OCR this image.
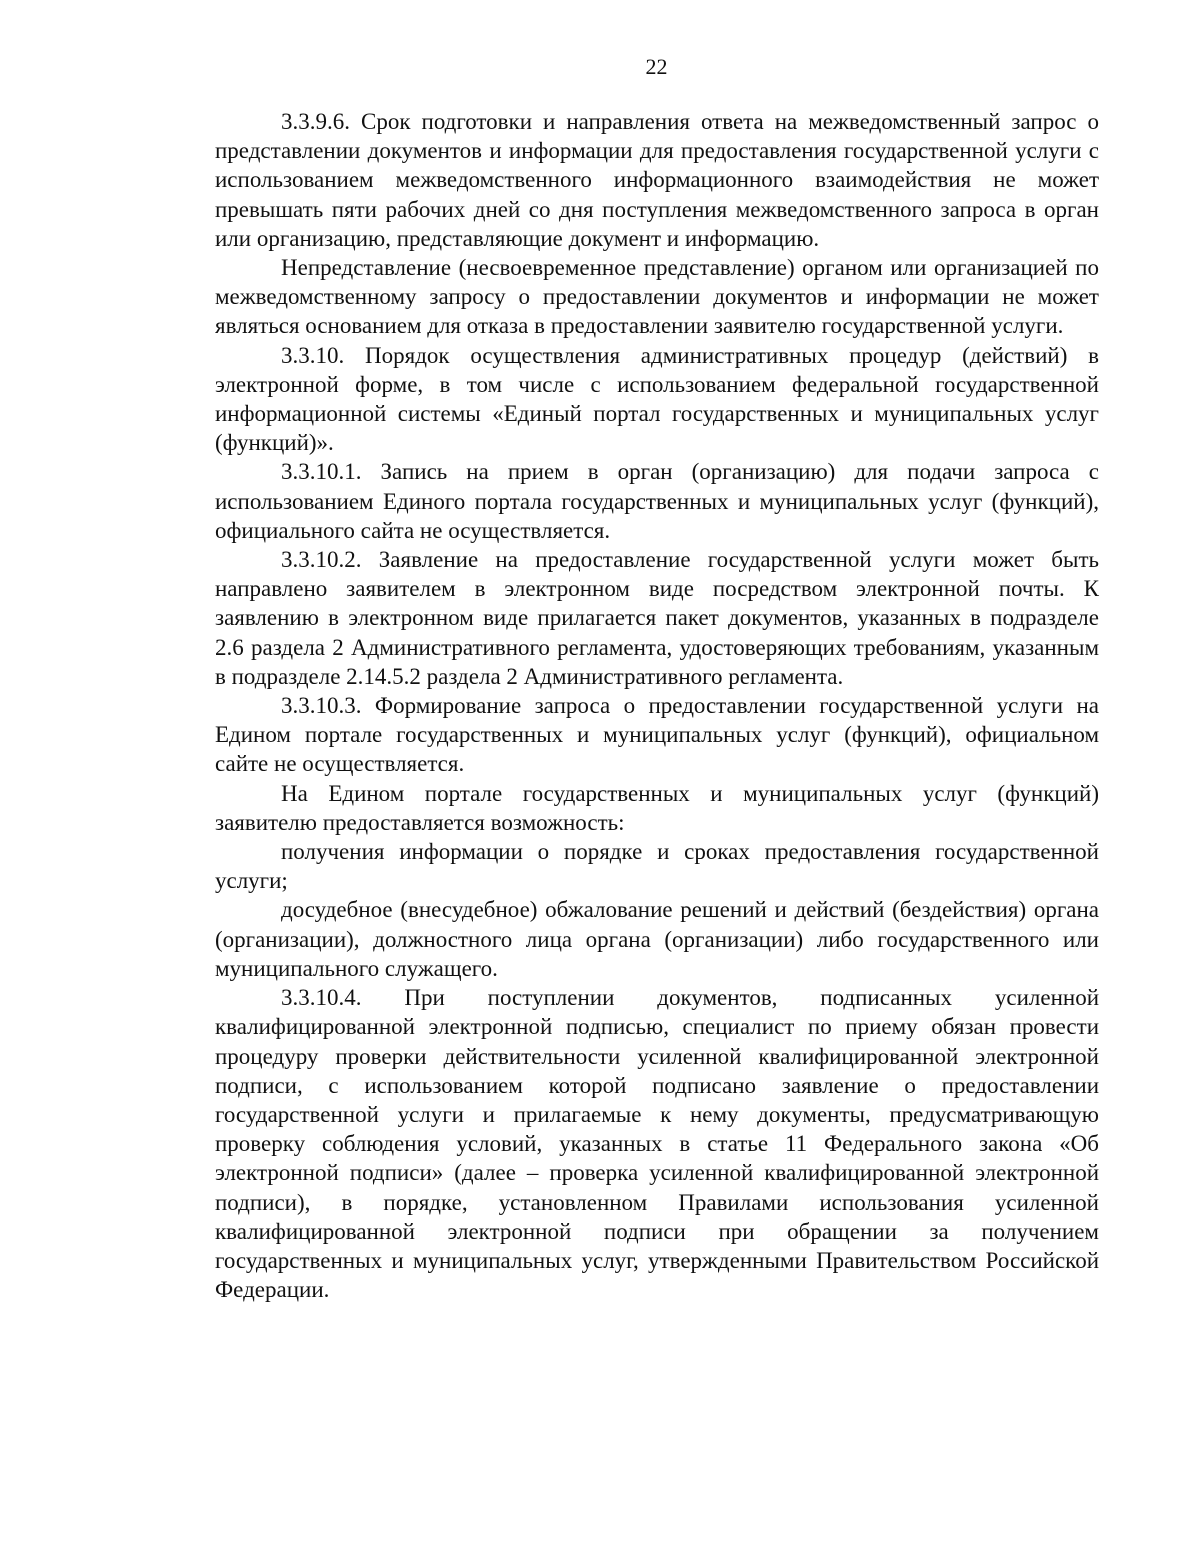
22

3.3.9.6. Срок подготовки и направления ответа на межведомственный запрос о представлении документов и информации для предоставления государственной услуги с использованием межведомственного информационного взаимодействия не может превышать пяти рабочих дней со дня поступления межведомственного запроса в орган или организацию, представляющие документ и информацию.

Непредставление (несвоевременное представление) органом или организацией по межведомственному запросу о предоставлении документов и информации не может являться основанием для отказа в предоставлении заявителю государственной услуги.

3.3.10. Порядок осуществления административных процедур (действий) в электронной форме, в том числе с использованием федеральной государственной информационной системы «Единый портал государственных и муниципальных услуг (функций)».

3.3.10.1. Запись на прием в орган (организацию) для подачи запроса с использованием Единого портала государственных и муниципальных услуг (функций), официального сайта не осуществляется.

3.3.10.2. Заявление на предоставление государственной услуги может быть направлено заявителем в электронном виде посредством электронной почты. К заявлению в электронном виде прилагается пакет документов, указанных в подразделе 2.6 раздела 2 Административного регламента, удостоверяющих требованиям, указанным в подразделе 2.14.5.2 раздела 2 Административного регламента.

3.3.10.3. Формирование запроса о предоставлении государственной услуги на Едином портале государственных и муниципальных услуг (функций), официальном сайте не осуществляется.

На Едином портале государственных и муниципальных услуг (функций) заявителю предоставляется возможность:

получения информации о порядке и сроках предоставления государственной услуги;

досудебное (внесудебное) обжалование решений и действий (бездействия) органа (организации), должностного лица органа (организации) либо государственного или муниципального служащего.

3.3.10.4. При поступлении документов, подписанных усиленной квалифицированной электронной подписью, специалист по приему обязан провести процедуру проверки действительности усиленной квалифицированной электронной подписи, с использованием которой подписано заявление о предоставлении государственной услуги и прилагаемые к нему документы, предусматривающую проверку соблюдения условий, указанных в статье 11 Федерального закона «Об электронной подписи» (далее – проверка усиленной квалифицированной электронной подписи), в порядке, установленном Правилами использования усиленной квалифицированной электронной подписи при обращении за получением государственных и муниципальных услуг, утвержденными Правительством Российской Федерации.
